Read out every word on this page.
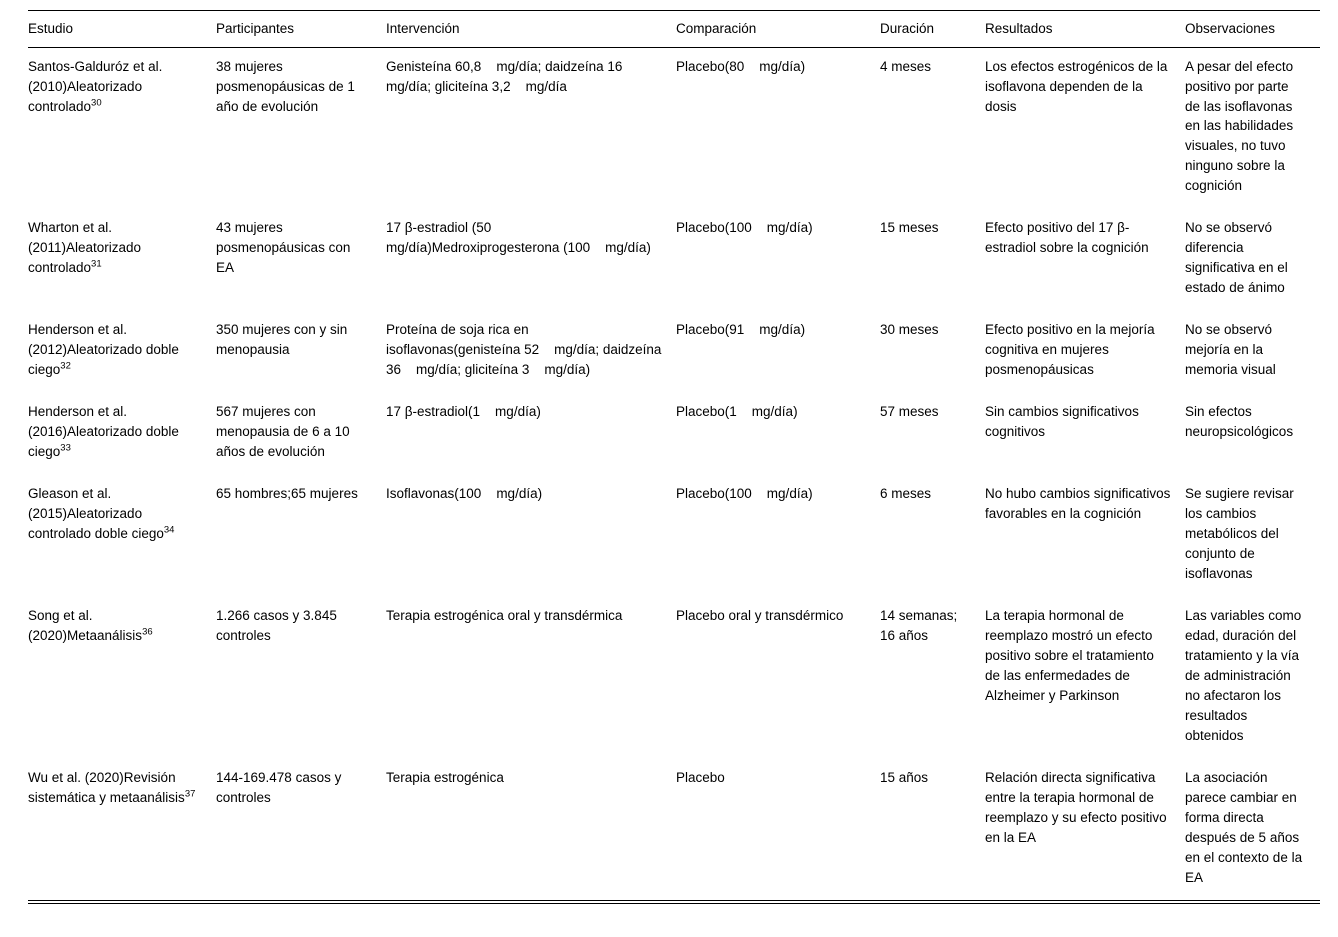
Estudio	Participantes	Intervención	Comparación	Duración	Resultados	Observaciones
Santos-Galduróz et al. (2010)Aleatorizado controlado$^{30}$	38 mujeres posmenopáusicas de 1    año de evolución	Genisteína 60,8    mg/día; daidzeína 16    mg/día; gliciteína 3,2    mg/día	Placebo(80    mg/día)	4 meses	Los efectos estrogénicos de la isoflavona dependen de la dosis	A pesar del efecto positivo por parte de las isoflavonas en las habilidades visuales, no tuvo ninguno sobre la cognición
Wharton et al. (2011)Aleatorizado controlado$^{31}$	43 mujeres posmenopáusicas con EA	17 β-estradiol (50    mg/día)Medroxiprogesterona (100    mg/día)	Placebo(100    mg/día)	15 meses	Efecto positivo del 17 β-estradiol sobre la cognición	No se observó diferencia significativa en el estado de ánimo
Henderson et al. (2012)Aleatorizado doble ciego$^{32}$	350 mujeres con y sin menopausia	Proteína de soja rica en isoflavonas(genisteína 52    mg/día; daidzeína 36    mg/día; gliciteína 3    mg/día)	Placebo(91    mg/día)	30 meses	Efecto positivo en la mejoría cognitiva en mujeres posmenopáusicas	No se observó mejoría en la memoria visual
Henderson et al. (2016)Aleatorizado doble ciego$^{33}$	567 mujeres con menopausia de 6 a 10 años de evolución	17 β-estradiol(1    mg/día)	Placebo(1    mg/día)	57 meses	Sin cambios significativos cognitivos	Sin efectos neuropsicológicos
Gleason et al. (2015)Aleatorizado controlado doble ciego$^{34}$	65 hombres;65 mujeres	Isoflavonas(100    mg/día)	Placebo(100    mg/día)	6 meses	No hubo cambios significativos favorables en la cognición	Se sugiere revisar los cambios metabólicos del conjunto de isoflavonas
Song et al. (2020)Metaanálisis$^{36}$	1.266 casos y 3.845 controles	Terapia estrogénica oral y transdérmica	Placebo oral y transdérmico	14 semanas; 16 años	La terapia hormonal de reemplazo mostró un efecto positivo sobre el tratamiento de las enfermedades de Alzheimer y Parkinson	Las variables como edad, duración del tratamiento y la vía de administración no afectaron los resultados obtenidos
Wu et al. (2020)Revisión sistemática y metaanálisis$^{37}$	144-169.478 casos y controles	Terapia estrogénica	Placebo	15 años	Relación directa significativa entre la terapia hormonal de reemplazo y su efecto positivo en la EA	La asociación parece cambiar en forma directa después de 5 años en el contexto de la EA
